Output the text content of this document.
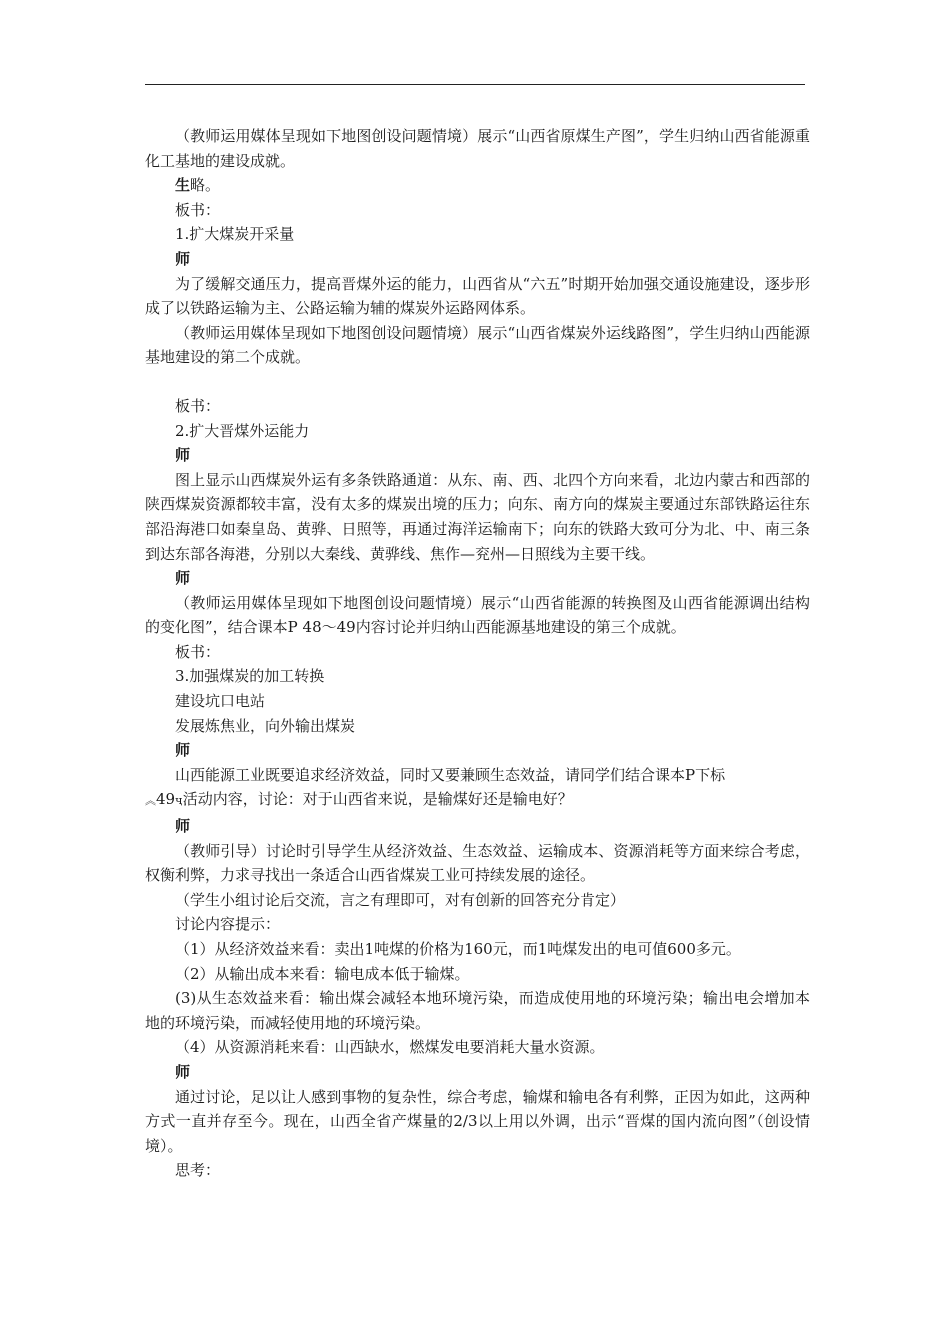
（教师运用媒体呈现如下地图创设问题情境）展示“山西省原煤生产图”，学生归纳山西省能源重化工基地的建设成就。

生略。

板书：

1.扩大煤炭开采量

师

为了缓解交通压力，提高晋煤外运的能力，山西省从“六五”时期开始加强交通设施建设，逐步形成了以铁路运输为主、公路运输为辅的煤炭外运路网体系。

（教师运用媒体呈现如下地图创设问题情境）展示“山西省煤炭外运线路图”，学生归纳山西能源基地建设的第二个成就。

板书：

2.扩大晋煤外运能力

师

图上显示山西煤炭外运有多条铁路通道：从东、南、西、北四个方向来看，北边内蒙古和西部的陕西煤炭资源都较丰富，没有太多的煤炭出境的压力；向东、南方向的煤炭主要通过东部铁路运往东部沿海港口如秦皇岛、黄骅、日照等，再通过海洋运输南下；向东的铁路大致可分为北、中、南三条到达东部各海港，分别以大秦线、黄骅线、焦作—兖州—日照线为主要干线。

师

（教师运用媒体呈现如下地图创设问题情境）展示“山西省能源的转换图及山西省能源调出结构的变化图”，结合课本P 48～49内容讨论并归纳山西能源基地建设的第三个成就。

板书：

3.加强煤炭的加工转换

建设坑口电站

发展炼焦业，向外输出煤炭

师

山西能源工业既要追求经济效益，同时又要兼顾生态效益，请同学们结合课本P下标

︽49

ҷ活动内容，讨论：对于山西省来说，是输煤好还是输电好？

师

（教师引导）讨论时引导学生从经济效益、生态效益、运输成本、资源消耗等方面来综合考虑，权衡利弊，力求寻找出一条适合山西省煤炭工业可持续发展的途径。

（学生小组讨论后交流，言之有理即可，对有创新的回答充分肯定）

讨论内容提示：

（1）从经济效益来看：卖出1吨煤的价格为160元，而1吨煤发出的电可值600多元。

（2）从输出成本来看：输电成本低于输煤。

(3)从生态效益来看：输出煤会减轻本地环境污染，而造成使用地的环境污染；输出电会增加本地的环境污染，而减轻使用地的环境污染。

（4）从资源消耗来看：山西缺水，燃煤发电要消耗大量水资源。

师

通过讨论，足以让人感到事物的复杂性，综合考虑，输煤和输电各有利弊，正因为如此，这两种方式一直并存至今。现在，山西全省产煤量的2/3以上用以外调，出示“晋煤的国内流向图”（创设情境）。

思考：
